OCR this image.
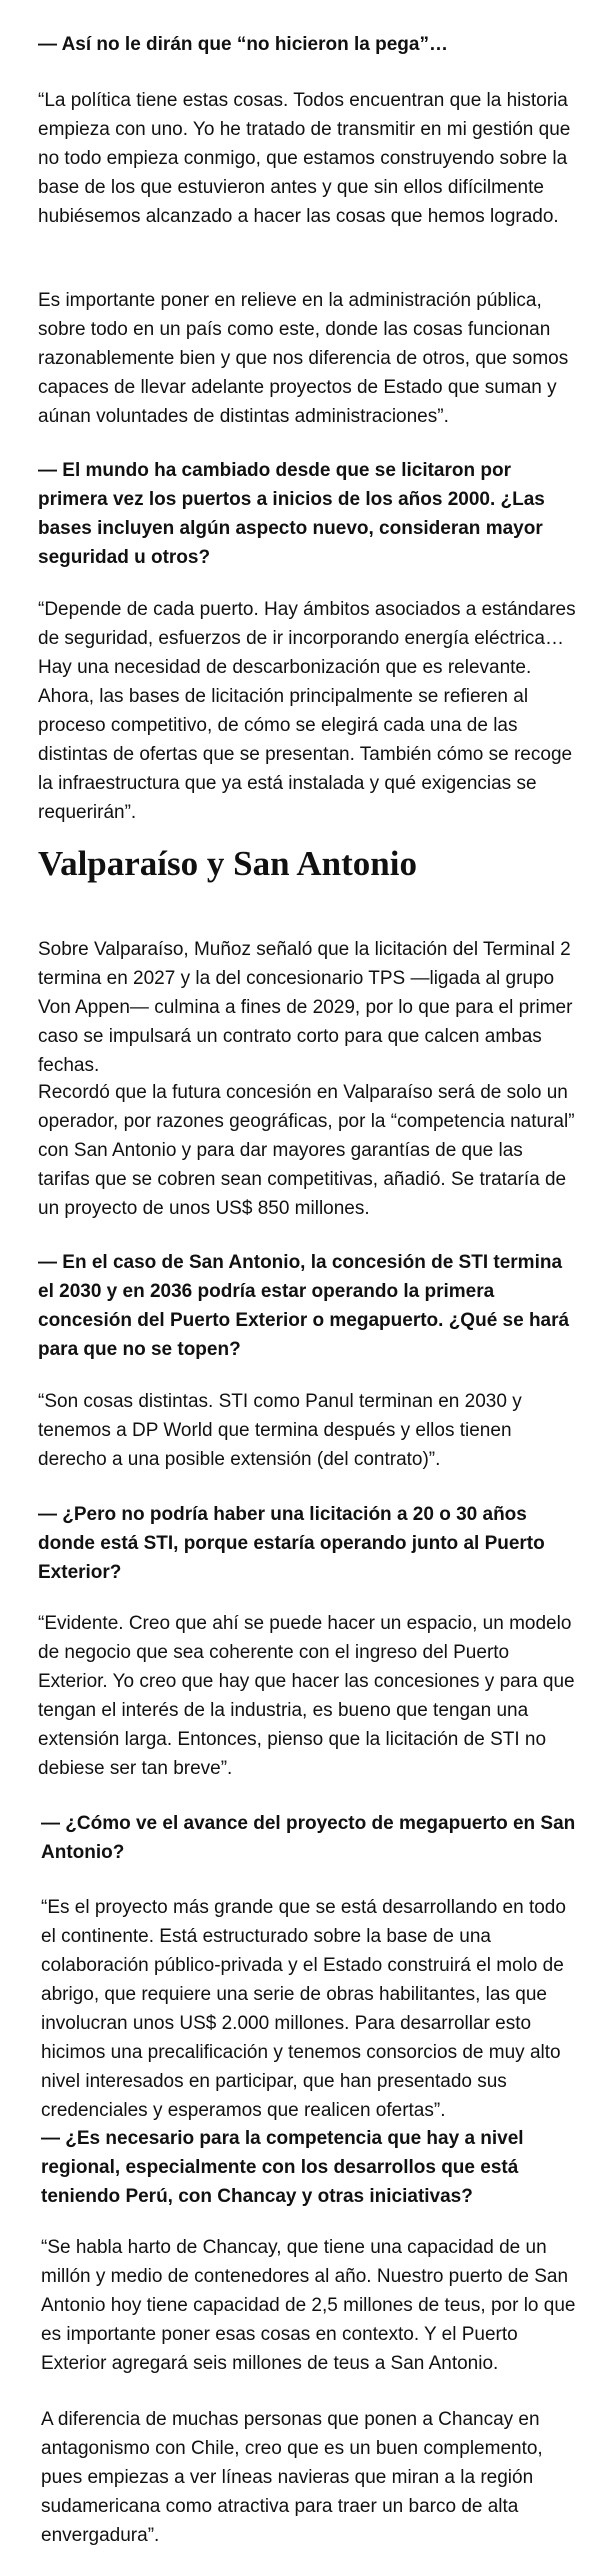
— Así no le dirán que “no hicieron la pega”…

“La política tiene estas cosas. Todos encuentran que la historia empieza con uno. Yo he tratado de transmitir en mi gestión que no todo empieza conmigo, que estamos construyendo sobre la base de los que estuvieron antes y que sin ellos difícilmente hubiésemos alcanzado a hacer las cosas que hemos logrado.

Es importante poner en relieve en la administración pública, sobre todo en un país como este, donde las cosas funcionan razonablemente bien y que nos diferencia de otros, que somos capaces de llevar adelante proyectos de Estado que suman y aúnan voluntades de distintas administraciones”.

— El mundo ha cambiado desde que se licitaron por primera vez los puertos a inicios de los años 2000. ¿Las bases incluyen algún aspecto nuevo, consideran mayor seguridad u otros?

“Depende de cada puerto. Hay ámbitos asociados a estándares de seguridad, esfuerzos de ir incorporando energía eléctrica… Hay una necesidad de descarbonización que es relevante. Ahora, las bases de licitación principalmente se refieren al proceso competitivo, de cómo se elegirá cada una de las distintas de ofertas que se presentan. También cómo se recoge la infraestructura que ya está instalada y qué exigencias se requerirán”.

Valparaíso y San Antonio

Sobre Valparaíso, Muñoz señaló que la licitación del Terminal 2 termina en 2027 y la del concesionario TPS —ligada al grupo Von Appen— culmina a fines de 2029, por lo que para el primer caso se impulsará un contrato corto para que calcen ambas fechas.

Recordó que la futura concesión en Valparaíso será de solo un operador, por razones geográficas, por la “competencia natural” con San Antonio y para dar mayores garantías de que las tarifas que se cobren sean competitivas, añadió. Se trataría de un proyecto de unos US$ 850 millones.

— En el caso de San Antonio, la concesión de STI termina el 2030 y en 2036 podría estar operando la primera concesión del Puerto Exterior o megapuerto. ¿Qué se hará para que no se topen?

“Son cosas distintas. STI como Panul terminan en 2030 y tenemos a DP World que termina después y ellos tienen derecho a una posible extensión (del contrato)”.

— ¿Pero no podría haber una licitación a 20 o 30 años donde está STI, porque estaría operando junto al Puerto Exterior?

“Evidente. Creo que ahí se puede hacer un espacio, un modelo de negocio que sea coherente con el ingreso del Puerto Exterior. Yo creo que hay que hacer las concesiones y para que tengan el interés de la industria, es bueno que tengan una extensión larga. Entonces, pienso que la licitación de STI no debiese ser tan breve”.

— ¿Cómo ve el avance del proyecto de megapuerto en San Antonio?

“Es el proyecto más grande que se está desarrollando en todo el continente. Está estructurado sobre la base de una colaboración público-privada y el Estado construirá el molo de abrigo, que requiere una serie de obras habilitantes, las que involucran unos US$ 2.000 millones. Para desarrollar esto hicimos una precalificación y tenemos consorcios de muy alto nivel interesados en participar, que han presentado sus credenciales y esperamos que realicen ofertas”.

— ¿Es necesario para la competencia que hay a nivel regional, especialmente con los desarrollos que está teniendo Perú, con Chancay y otras iniciativas?

“Se habla harto de Chancay, que tiene una capacidad de un millón y medio de contenedores al año. Nuestro puerto de San Antonio hoy tiene capacidad de 2,5 millones de teus, por lo que es importante poner esas cosas en contexto. Y el Puerto Exterior agregará seis millones de teus a San Antonio.

A diferencia de muchas personas que ponen a Chancay en antagonismo con Chile, creo que es un buen complemento, pues empiezas a ver líneas navieras que miran a la región sudamericana como atractiva para traer un barco de alta envergadura”.
